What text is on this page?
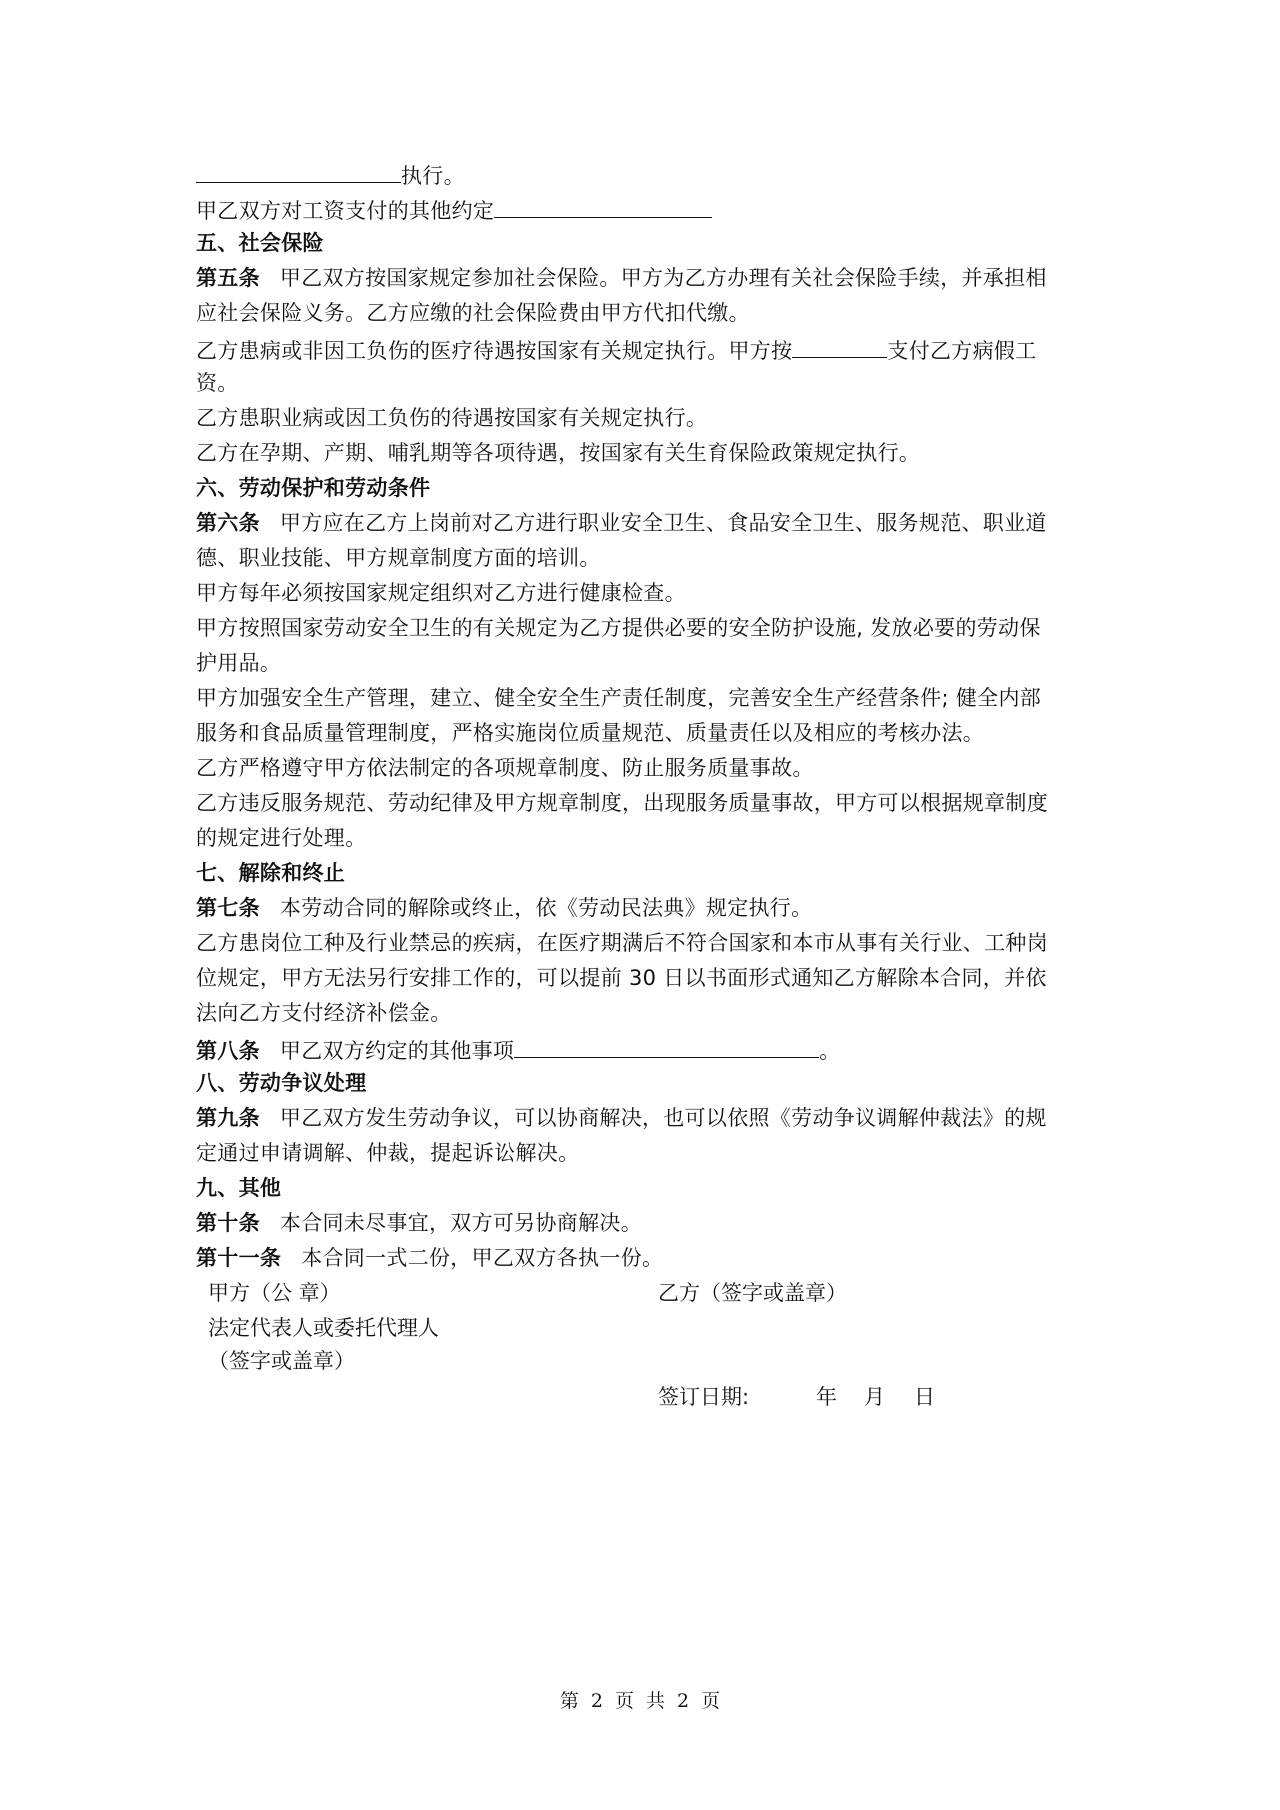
执行。
甲乙双方对工资支付的其他约定
五、社会保险
第五条 甲乙双方按国家规定参加社会保险。甲方为乙方办理有关社会保险手续，并承担相
应社会保险义务。乙方应缴的社会保险费由甲方代扣代缴。
乙方患病或非因工负伤的医疗待遇按国家有关规定执行。甲方按	支付乙方病假工
资。
乙方患职业病或因工负伤的待遇按国家有关规定执行。
乙方在孕期、产期、哺乳期等各项待遇，按国家有关生育保险政策规定执行。
六、劳动保护和劳动条件
第六条 甲方应在乙方上岗前对乙方进行职业安全卫生、食品安全卫生、服务规范、职业道
德、职业技能、甲方规章制度方面的培训。
甲方每年必须按国家规定组织对乙方进行健康检查。
甲方按照国家劳动安全卫生的有关规定为乙方提供必要的安全防护设施, 发放必要的劳动保
护用品。
甲方加强安全生产管理，建立、健全安全生产责任制度，完善安全生产经营条件; 健全内部
服务和食品质量管理制度，严格实施岗位质量规范、质量责任以及相应的考核办法。
乙方严格遵守甲方依法制定的各项规章制度、防止服务质量事故。
乙方违反服务规范、劳动纪律及甲方规章制度，出现服务质量事故，甲方可以根据规章制度
的规定进行处理。
七、解除和终止
第七条 本劳动合同的解除或终止，依《劳动民法典》规定执行。
乙方患岗位工种及行业禁忌的疾病，在医疗期满后不符合国家和本市从事有关行业、工种岗
位规定，甲方无法另行安排工作的，可以提前 30 日以书面形式通知乙方解除本合同，并依
法向乙方支付经济补偿金。
第八条 甲乙双方约定的其他事项	。
八、劳动争议处理
第九条 甲乙双方发生劳动争议，可以协商解决，也可以依照《劳动争议调解仲裁法》的规
定通过申请调解、仲裁，提起诉讼解决。
九、其他
第十条 本合同未尽事宜，双方可另协商解决。
第十一条 本合同一式二份，甲乙双方各执一份。
甲方（公 章）	乙方（签字或盖章）
法定代表人或委托代理人
（签字或盖章）
签订日期:	年 月 日
第 2 页 共 2 页
